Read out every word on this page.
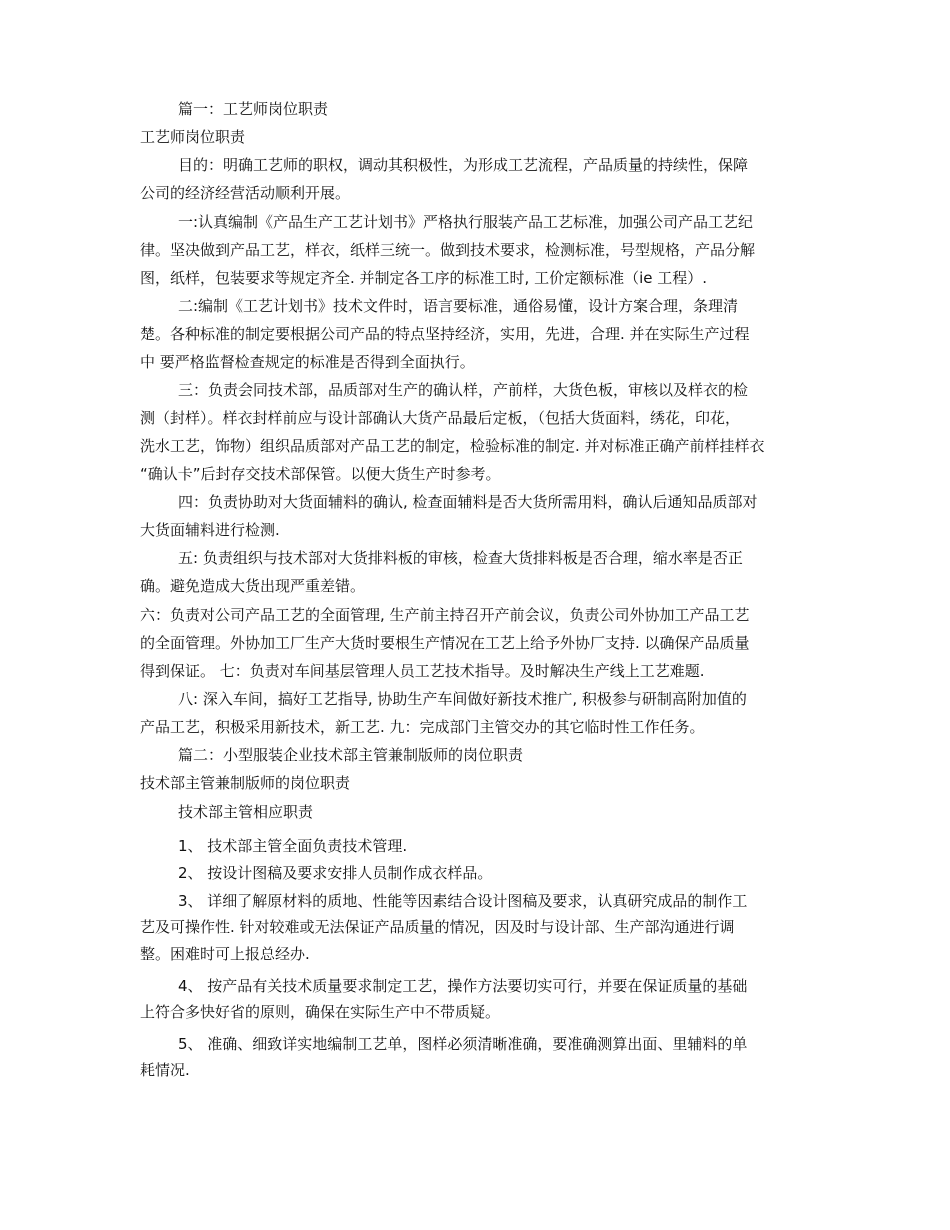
篇一：工艺师岗位职责
工艺师岗位职责
目的：明确工艺师的职权，调动其积极性，为形成工艺流程，产品质量的持续性，保障
公司的经济经营活动顺利开展。
一:认真编制《产品生产工艺计划书》严格执行服装产品工艺标准，加强公司产品工艺纪
律。坚决做到产品工艺，样衣，纸样三统一。做到技术要求，检测标准，号型规格，产品分解
图，纸样，包装要求等规定齐全. 并制定各工序的标准工时, 工价定额标准（ie 工程）.
二:编制《工艺计划书》技术文件时，语言要标准，通俗易懂，设计方案合理，条理清
楚。各种标准的制定要根据公司产品的特点坚持经济，实用，先进，合理. 并在实际生产过程
中 要严格监督检查规定的标准是否得到全面执行。
三：负责会同技术部，品质部对生产的确认样，产前样，大货色板，审核以及样衣的检
测（封样）。样衣封样前应与设计部确认大货产品最后定板，（包括大货面料，绣花，印花，
洗水工艺，饰物）组织品质部对产品工艺的制定，检验标准的制定. 并对标准正确产前样挂样衣
“确认卡”后封存交技术部保管。以便大货生产时参考。
四：负责协助对大货面辅料的确认, 检查面辅料是否大货所需用料，确认后通知品质部对
大货面辅料进行检测.
五: 负责组织与技术部对大货排料板的审核，检查大货排料板是否合理，缩水率是否正
确。避免造成大货出现严重差错。
六：负责对公司产品工艺的全面管理, 生产前主持召开产前会议，负责公司外协加工产品工艺
的全面管理。外协加工厂生产大货时要根生产情况在工艺上给予外协厂支持. 以确保产品质量
得到保证。 七：负责对车间基层管理人员工艺技术指导。及时解决生产线上工艺难题.
八: 深入车间，搞好工艺指导, 协助生产车间做好新技术推广, 积极参与研制高附加值的
产品工艺，积极采用新技术，新工艺. 九：完成部门主管交办的其它临时性工作任务。
篇二：小型服装企业技术部主管兼制版师的岗位职责
技术部主管兼制版师的岗位职责
技术部主管相应职责
1、 技术部主管全面负责技术管理.
2、 按设计图稿及要求安排人员制作成衣样品。
3、 详细了解原材料的质地、性能等因素结合设计图稿及要求，认真研究成品的制作工
艺及可操作性. 针对较难或无法保证产品质量的情况，因及时与设计部、生产部沟通进行调
整。困难时可上报总经办.
4、 按产品有关技术质量要求制定工艺，操作方法要切实可行，并要在保证质量的基础
上符合多快好省的原则，确保在实际生产中不带质疑。
5、 准确、细致详实地编制工艺单，图样必须清晰准确，要准确测算出面、里辅料的单
耗情况.
